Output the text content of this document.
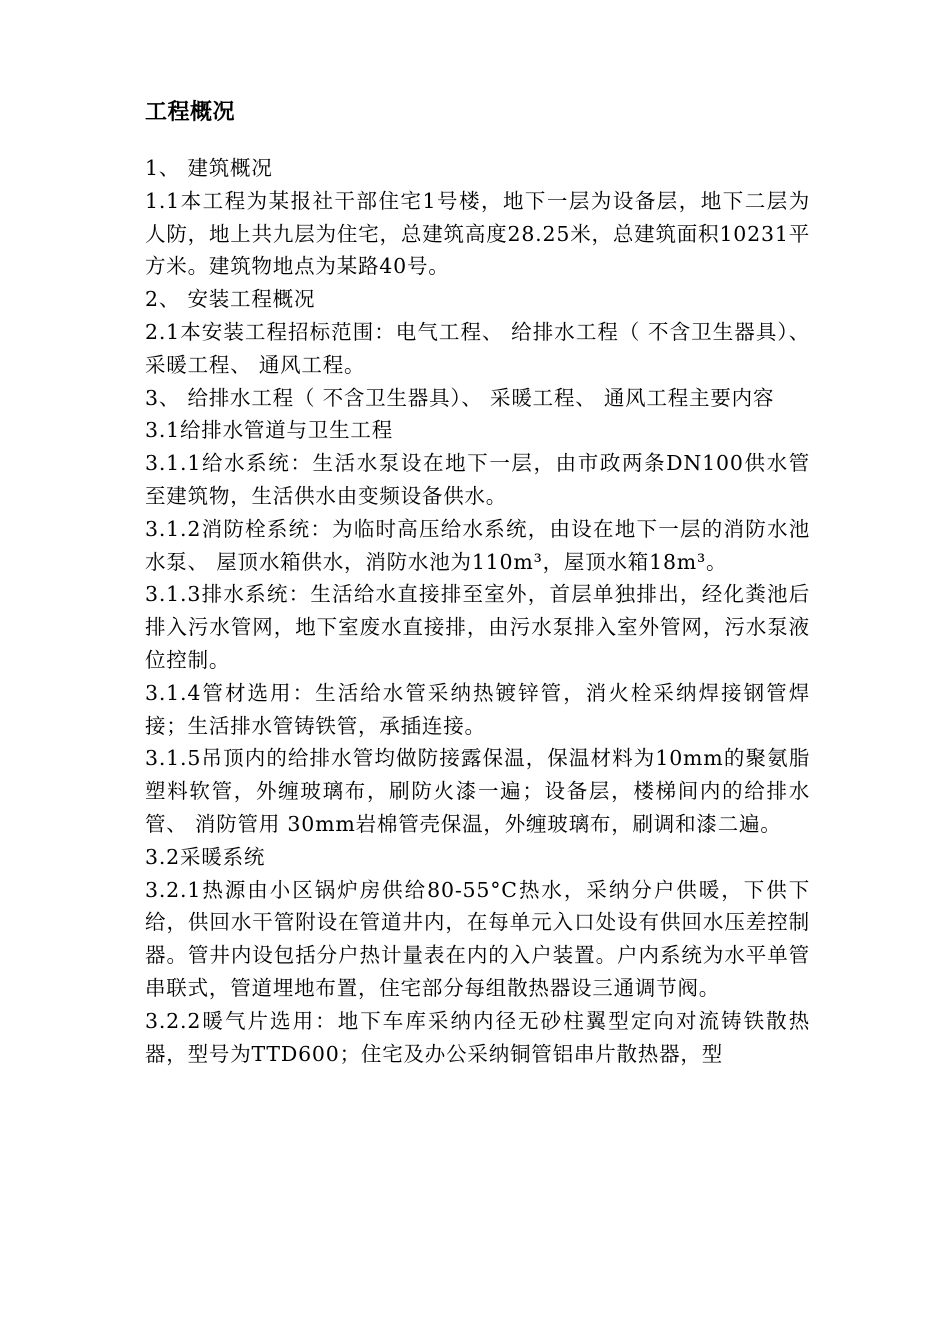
工程概况

1、 建筑概况

1.1本工程为某报社干部住宅1号楼，地下一层为设备层，地下二层为人防，地上共九层为住宅，总建筑高度28.25米，总建筑面积10231平方米。建筑物地点为某路40号。

2、 安装工程概况

2.1本安装工程招标范围：电气工程、 给排水工程（ 不含卫生器具）、 采暖工程、 通风工程。

3、 给排水工程（ 不含卫生器具）、 采暖工程、 通风工程主要内容

3.1给排水管道与卫生工程

3.1.1给水系统：生活水泵设在地下一层，由市政两条DN100供水管至建筑物，生活供水由变频设备供水。

3.1.2消防栓系统：为临时高压给水系统，由设在地下一层的消防水池水泵、 屋顶水箱供水，消防水池为110m³，屋顶水箱18m³。

3.1.3排水系统：生活给水直接排至室外，首层单独排出，经化粪池后排入污水管网，地下室废水直接排，由污水泵排入室外管网，污水泵液位控制。

3.1.4管材选用：生活给水管采纳热镀锌管，消火栓采纳焊接钢管焊接；生活排水管铸铁管，承插连接。

3.1.5吊顶内的给排水管均做防接露保温，保温材料为10mm的聚氨脂塑料软管，外缠玻璃布，刷防火漆一遍；设备层，楼梯间内的给排水管、 消防管用 30mm岩棉管壳保温，外缠玻璃布，刷调和漆二遍。

3.2采暖系统

3.2.1热源由小区锅炉房供给80-55°C热水，采纳分户供暖，下供下给，供回水干管附设在管道井内，在每单元入口处设有供回水压差控制器。管井内设包括分户热计量表在内的入户装置。户内系统为水平单管串联式，管道埋地布置，住宅部分每组散热器设三通调节阀。

3.2.2暖气片选用：地下车库采纳内径无砂柱翼型定向对流铸铁散热器，型号为TTD600；住宅及办公采纳铜管铝串片散热器，型
